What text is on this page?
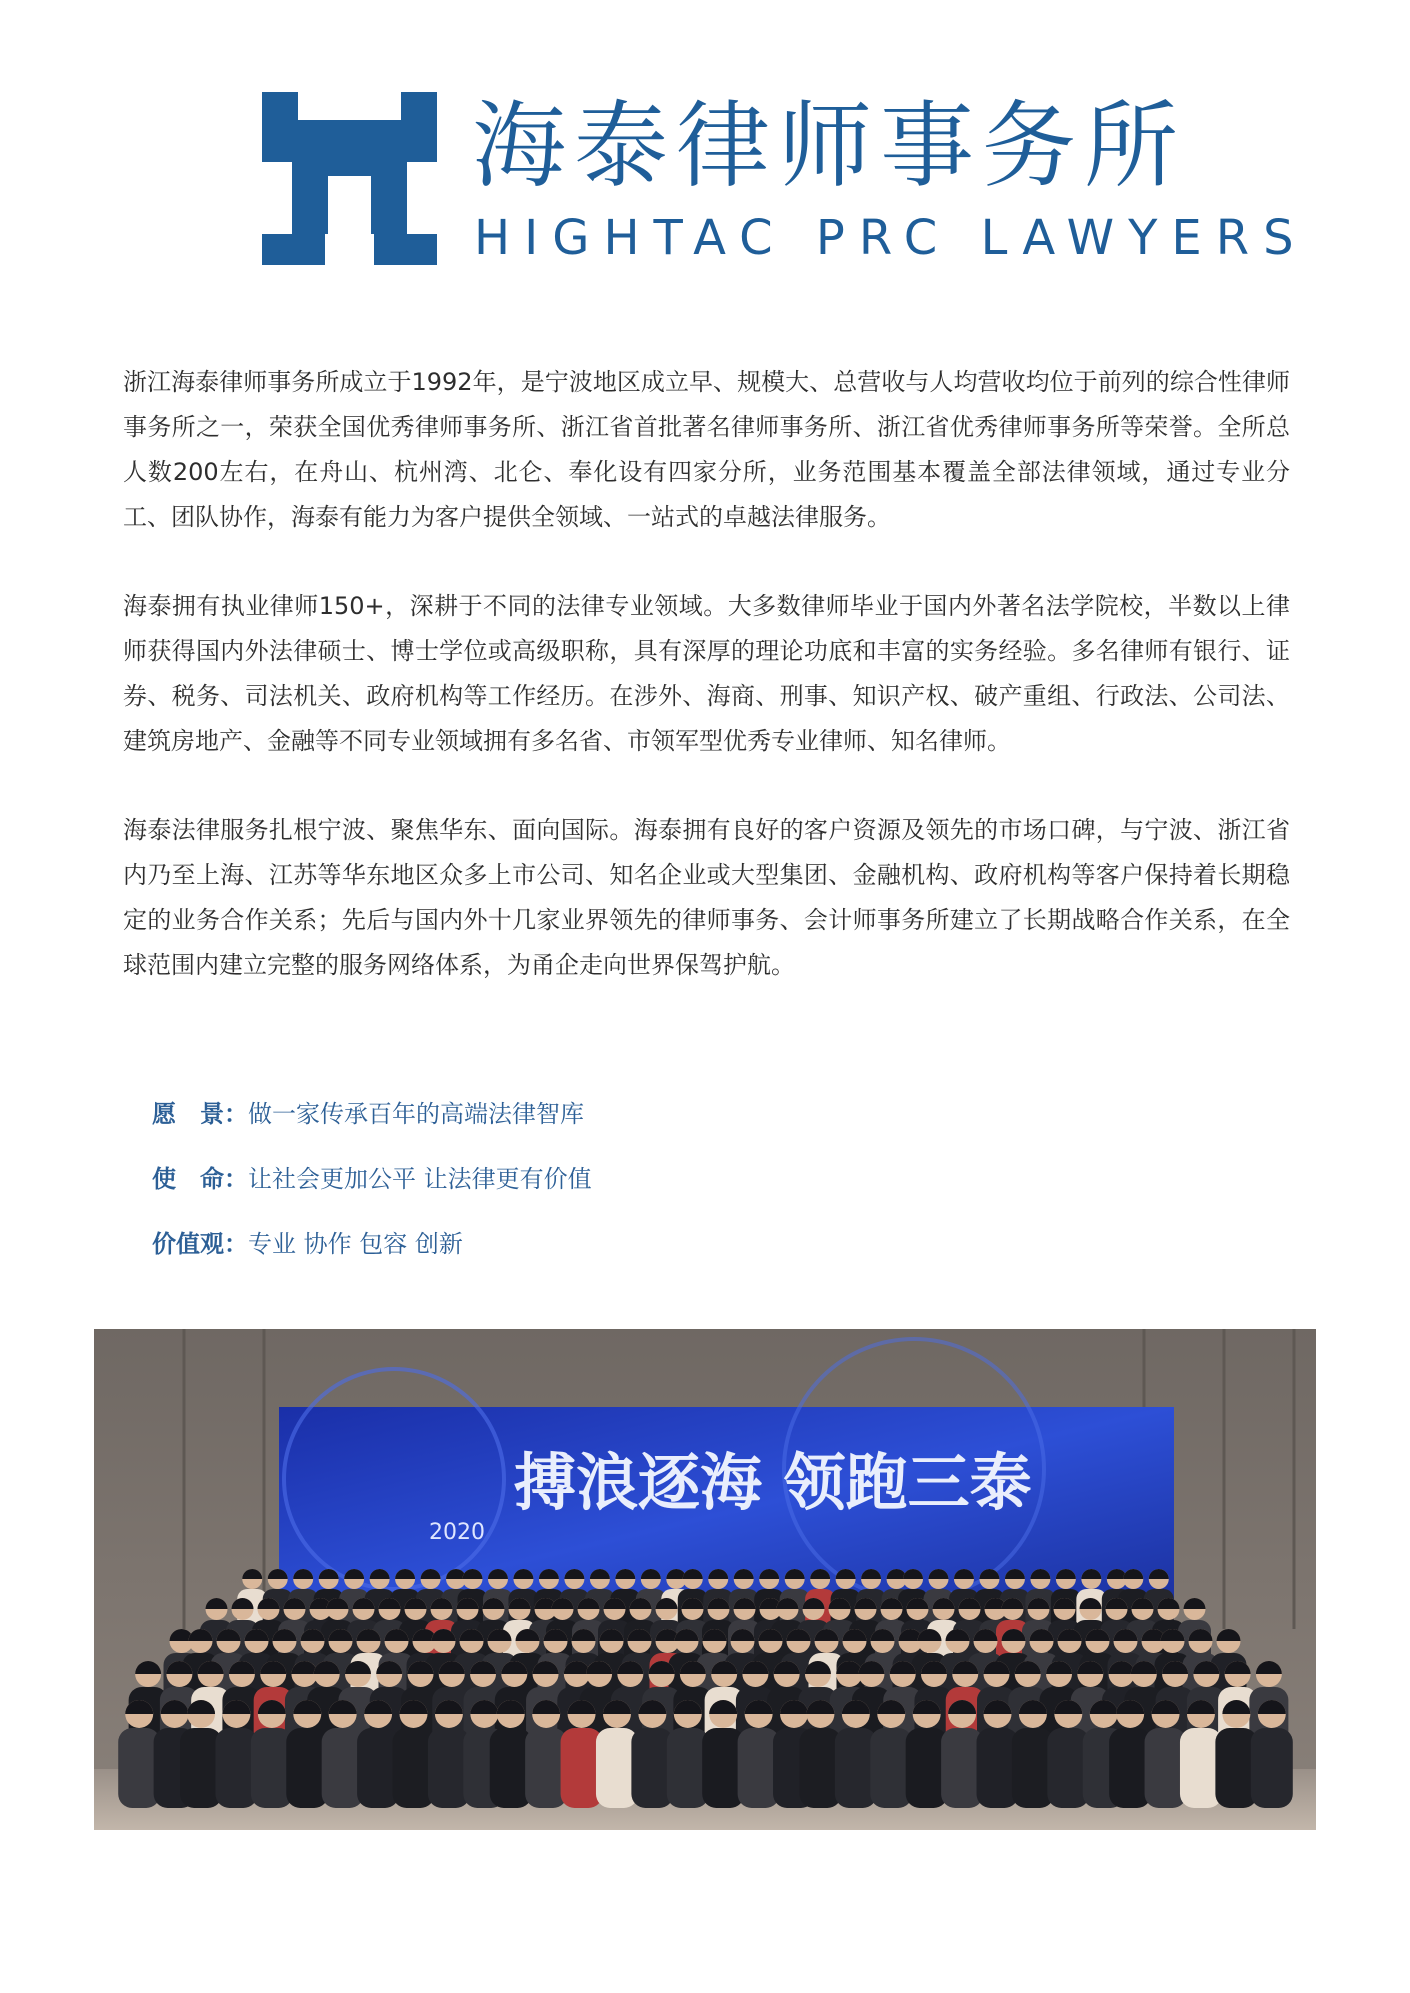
海泰律师事务所
HIGHTAC PRC LAWYERS

浙江海泰律师事务所成立于1992年，是宁波地区成立早、规模大、总营收与人均营收均位于前列的综合性律师事务所之一，荣获全国优秀律师事务所、浙江省首批著名律师事务所、浙江省优秀律师事务所等荣誉。全所总人数200左右，在舟山、杭州湾、北仑、奉化设有四家分所，业务范围基本覆盖全部法律领域，通过专业分工、团队协作，海泰有能力为客户提供全领域、一站式的卓越法律服务。

海泰拥有执业律师150+，深耕于不同的法律专业领域。大多数律师毕业于国内外著名法学院校，半数以上律师获得国内外法律硕士、博士学位或高级职称，具有深厚的理论功底和丰富的实务经验。多名律师有银行、证券、税务、司法机关、政府机构等工作经历。在涉外、海商、刑事、知识产权、破产重组、行政法、公司法、建筑房地产、金融等不同专业领域拥有多名省、市领军型优秀专业律师、知名律师。

海泰法律服务扎根宁波、聚焦华东、面向国际。海泰拥有良好的客户资源及领先的市场口碑，与宁波、浙江省内乃至上海、江苏等华东地区众多上市公司、知名企业或大型集团、金融机构、政府机构等客户保持着长期稳定的业务合作关系；先后与国内外十几家业界领先的律师事务、会计师事务所建立了长期战略合作关系，在全球范围内建立完整的服务网络体系，为甬企走向世界保驾护航。

愿　景：做一家传承百年的高端法律智库
使　命：让社会更加公平 让法律更有价值
价值观：专业 协作 包容 创新
搏浪逐海 领跑三泰
2020
